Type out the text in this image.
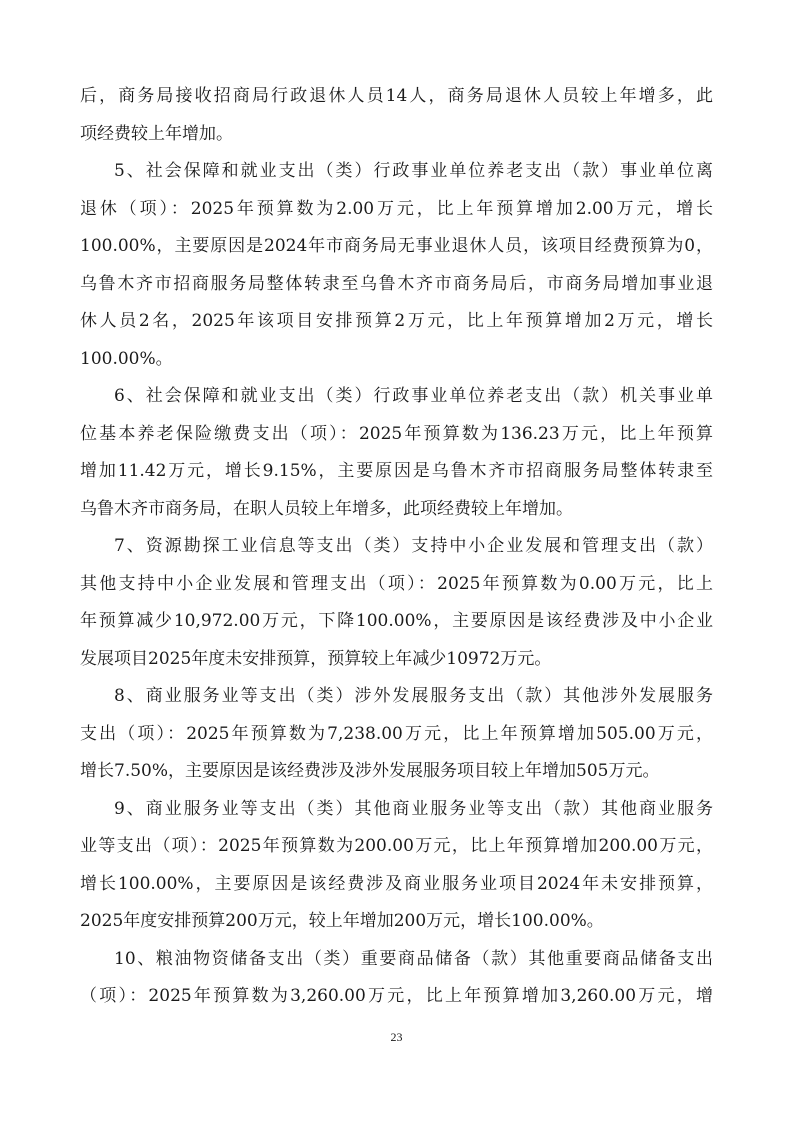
后，商务局接收招商局行政退休人员14人，商务局退休人员较上年增多，此
项经费较上年增加。

5、社会保障和就业支出（类）行政事业单位养老支出（款）事业单位离
退休（项）：2025年预算数为2.00万元，比上年预算增加2.00万元，增长
100.00%，主要原因是2024年市商务局无事业退休人员，该项目经费预算为0，
乌鲁木齐市招商服务局整体转隶至乌鲁木齐市商务局后，市商务局增加事业退
休人员2名，2025年该项目安排预算2万元，比上年预算增加2万元，增长
100.00%。

6、社会保障和就业支出（类）行政事业单位养老支出（款）机关事业单
位基本养老保险缴费支出（项）：2025年预算数为136.23万元，比上年预算
增加11.42万元，增长9.15%，主要原因是乌鲁木齐市招商服务局整体转隶至
乌鲁木齐市商务局，在职人员较上年增多，此项经费较上年增加。

7、资源勘探工业信息等支出（类）支持中小企业发展和管理支出（款）
其他支持中小企业发展和管理支出（项）：2025年预算数为0.00万元，比上
年预算减少10,972.00万元，下降100.00%，主要原因是该经费涉及中小企业
发展项目2025年度未安排预算，预算较上年减少10972万元。

8、商业服务业等支出（类）涉外发展服务支出（款）其他涉外发展服务
支出（项）：2025年预算数为7,238.00万元，比上年预算增加505.00万元，
增长7.50%，主要原因是该经费涉及涉外发展服务项目较上年增加505万元。

9、商业服务业等支出（类）其他商业服务业等支出（款）其他商业服务
业等支出（项）：2025年预算数为200.00万元，比上年预算增加200.00万元，
增长100.00%，主要原因是该经费涉及商业服务业项目2024年未安排预算，
2025年度安排预算200万元，较上年增加200万元，增长100.00%。

10、粮油物资储备支出（类）重要商品储备（款）其他重要商品储备支出
（项）：2025年预算数为3,260.00万元，比上年预算增加3,260.00万元，增

23
